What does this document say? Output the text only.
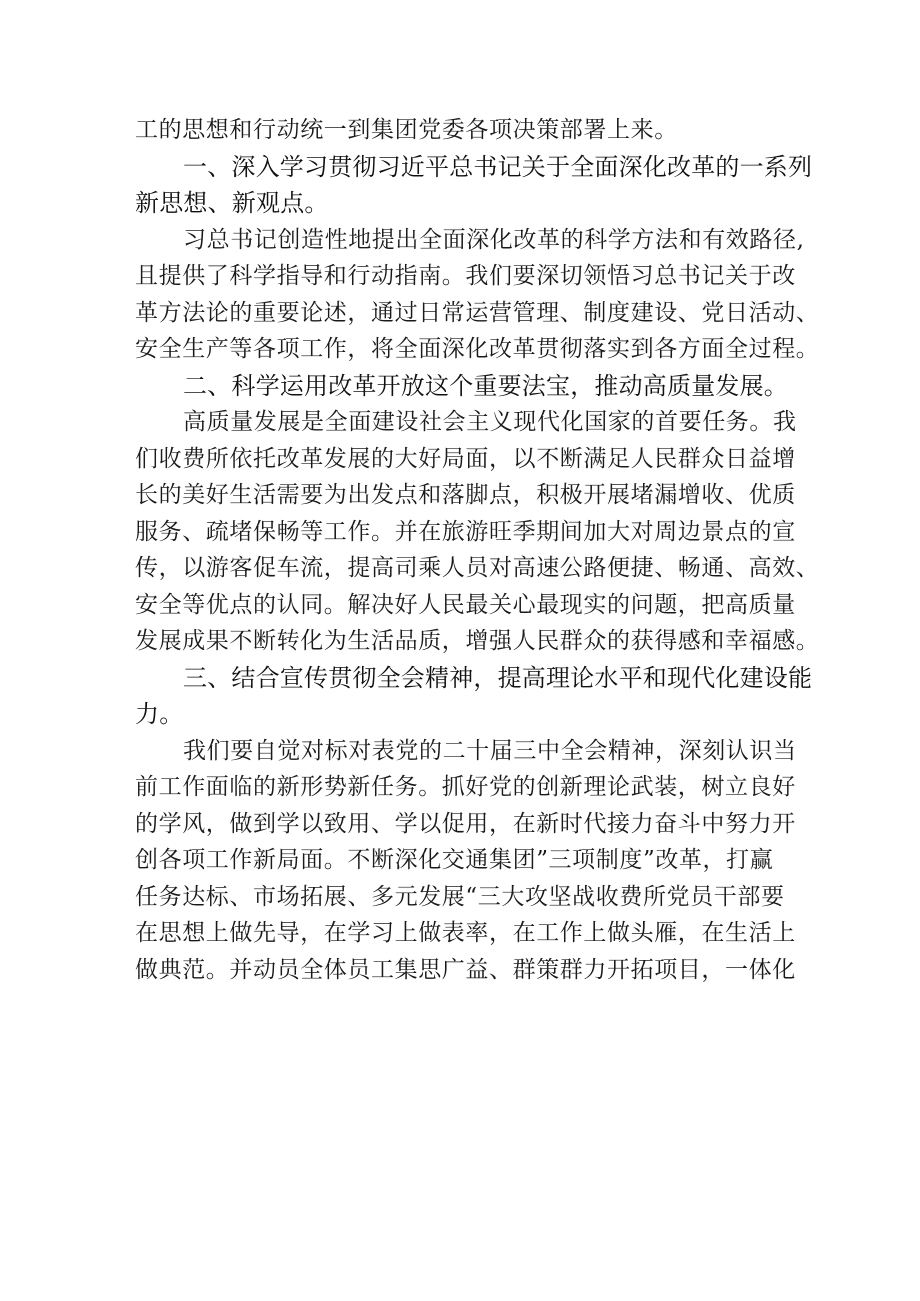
工的思想和行动统一到集团党委各项决策部署上来。
一、深入学习贯彻习近平总书记关于全面深化改革的一系列
新思想、新观点。
习总书记创造性地提出全面深化改革的科学方法和有效路径,
且提供了科学指导和行动指南。我们要深切领悟习总书记关于改
革方法论的重要论述，通过日常运营管理、制度建设、党日活动、
安全生产等各项工作，将全面深化改革贯彻落实到各方面全过程。
二、科学运用改革开放这个重要法宝，推动高质量发展。
高质量发展是全面建设社会主义现代化国家的首要任务。我
们收费所依托改革发展的大好局面，以不断满足人民群众日益增
长的美好生活需要为出发点和落脚点，积极开展堵漏增收、优质
服务、疏堵保畅等工作。并在旅游旺季期间加大对周边景点的宣
传，以游客促车流，提高司乘人员对高速公路便捷、畅通、高效、
安全等优点的认同。解决好人民最关心最现实的问题，把高质量
发展成果不断转化为生活品质，增强人民群众的获得感和幸福感。
三、结合宣传贯彻全会精神，提高理论水平和现代化建设能
力。
我们要自觉对标对表党的二十届三中全会精神，深刻认识当
前工作面临的新形势新任务。抓好党的创新理论武装，树立良好
的学风，做到学以致用、学以促用，在新时代接力奋斗中努力开
创各项工作新局面。不断深化交通集团”三项制度”改革，打赢
任务达标、市场拓展、多元发展“三大攻坚战收费所党员干部要
在思想上做先导，在学习上做表率，在工作上做头雁，在生活上
做典范。并动员全体员工集思广益、群策群力开拓项目，一体化
